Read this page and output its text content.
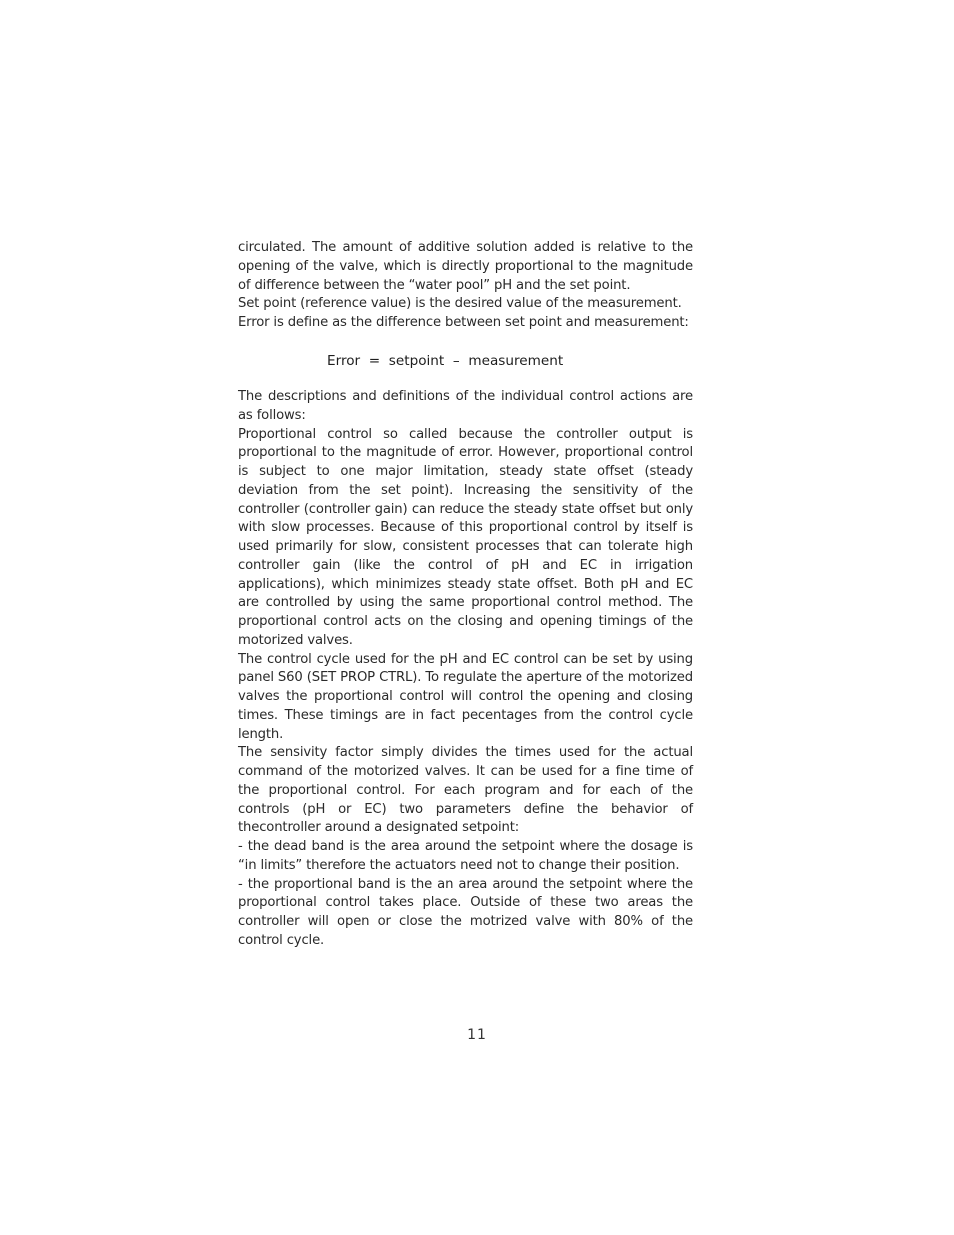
circulated. The amount of additive solution added is relative to the opening of the valve, which is directly proportional to the magnitude of difference between the “water pool” pH and the set point.

Set point (reference value) is the desired value of the measurement.

Error is define as the difference between set point and measurement:

Error  =  setpoint  –  measurement

The descriptions and definitions of the individual control actions are as follows:

Proportional control so called because the controller output is proportional to the magnitude of error. However, proportional control is subject to one major limitation, steady state offset (steady deviation from the set point). Increasing the sensitivity of the controller (controller gain) can reduce the steady state offset but only with slow processes. Because of this proportional control by itself is used primarily for slow, consistent processes that can tolerate high controller gain (like the control of pH and EC in irrigation applications), which minimizes steady state offset. Both pH and EC are controlled by using the same proportional control method. The proportional control acts on the closing and opening timings of the motorized valves.

The control cycle used for the pH and EC control can be set by using panel S60 (SET PROP CTRL). To regulate the aperture of the motorized valves the proportional control will control the opening and closing times. These timings are in fact pecentages from the control cycle length.

The sensivity factor simply divides the times used for the actual command of the motorized valves. It can be used for a fine time of the proportional control. For each program and for each of the controls (pH or EC) two parameters define the behavior of thecontroller around a designated setpoint:

- the dead band is the area around the setpoint where the dosage is “in limits” therefore the actuators need not to change their position.

- the proportional band is the an area around the setpoint where the proportional control takes place. Outside of these two areas the controller will open or close the motrized valve with 80% of the control cycle.

11
